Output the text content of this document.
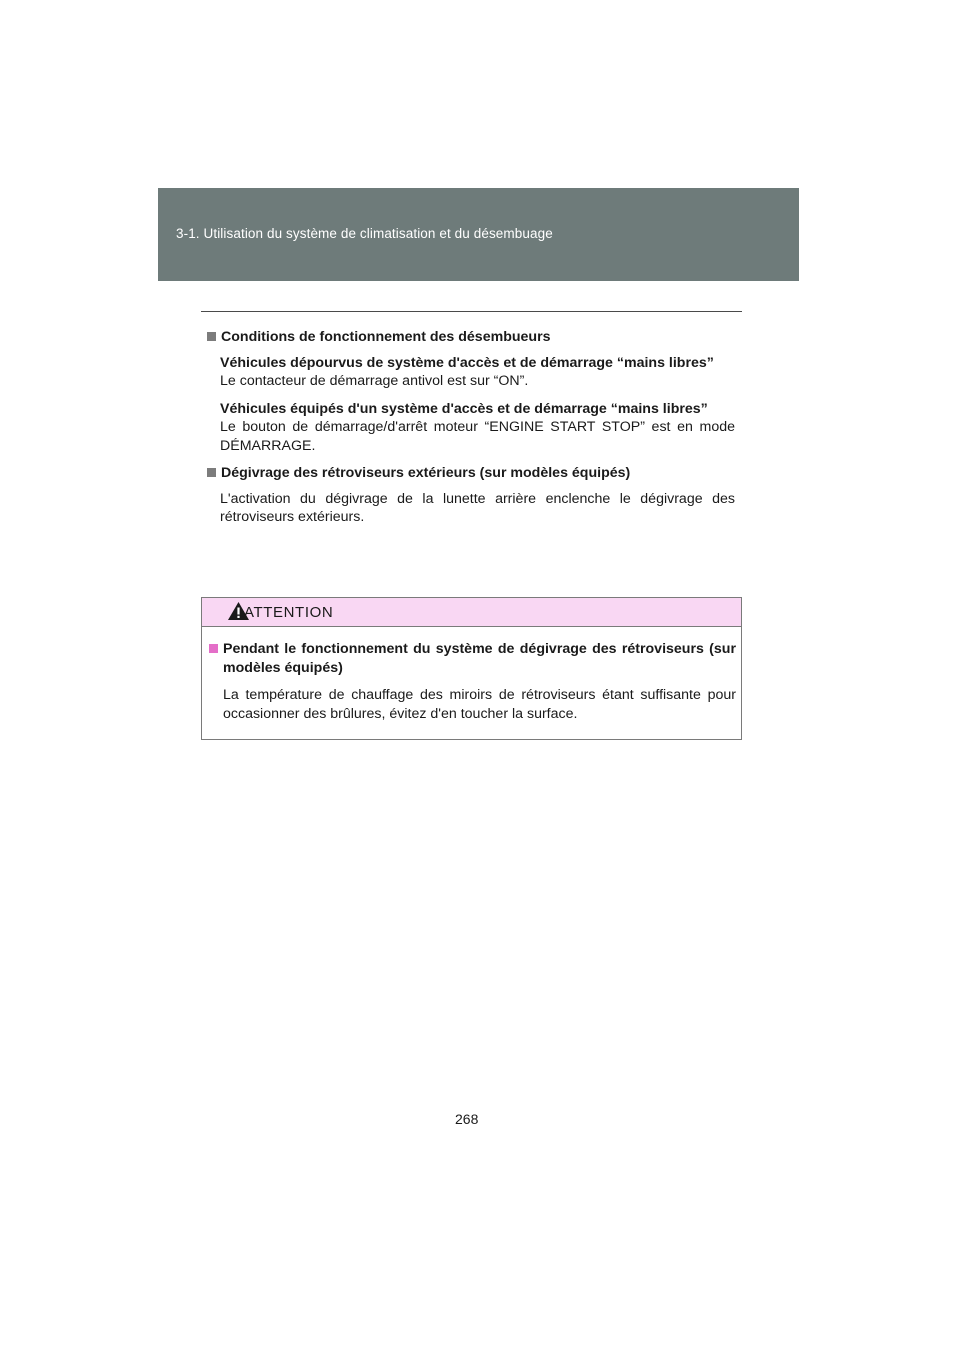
3-1. Utilisation du système de climatisation et du désembuage
Conditions de fonctionnement des désembueurs

Véhicules dépourvus de système d'accès et de démarrage “mains libres”

Le contacteur de démarrage antivol est sur “ON”.

Véhicules équipés d'un système d'accès et de démarrage “mains libres”

Le bouton de démarrage/d'arrêt moteur “ENGINE START STOP” est en mode DÉMARRAGE.

Dégivrage des rétroviseurs extérieurs (sur modèles équipés)

L'activation du dégivrage de la lunette arrière enclenche le dégivrage des rétroviseurs extérieurs.

ATTENTION
Pendant le fonctionnement du système de dégivrage des rétroviseurs (sur modèles équipés)

La température de chauffage des miroirs de rétroviseurs étant suffisante pour occasionner des brûlures, évitez d'en toucher la surface.

268
